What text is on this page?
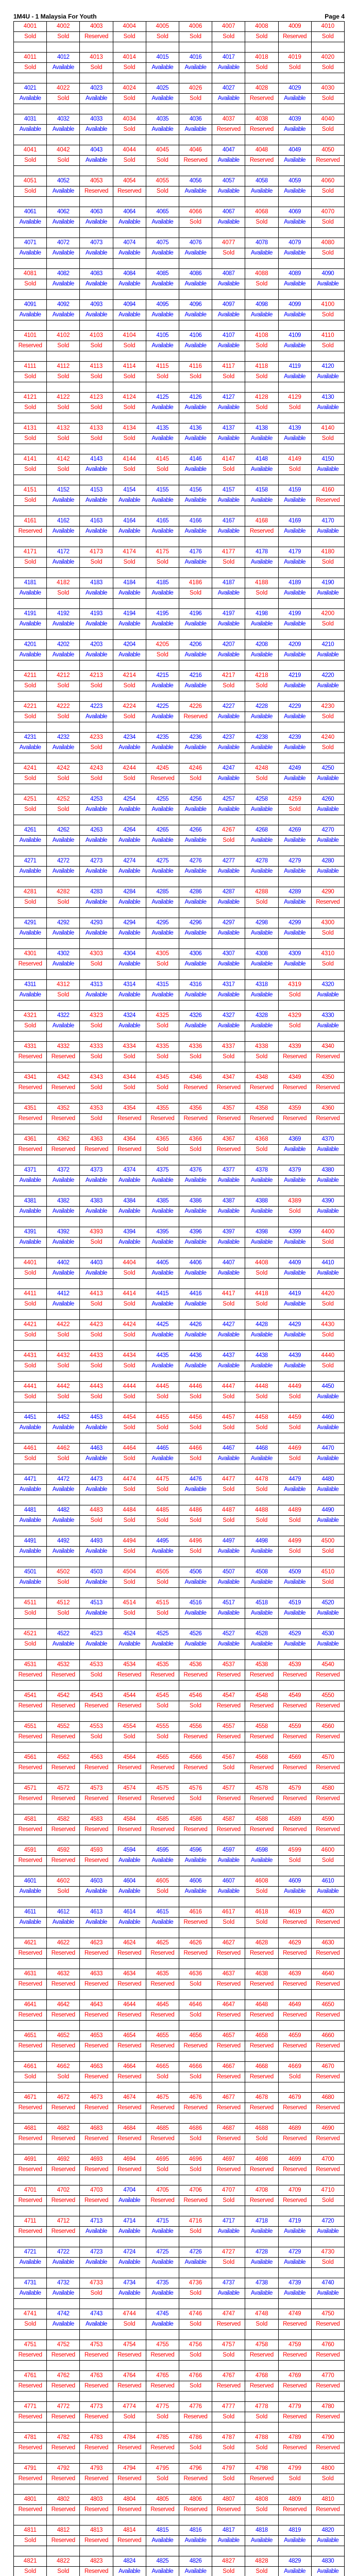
1M4U - 1 Malaysia For Youth	Page 4
4001	4002	4003	4004	4005	4006	4007	4008	4009	4010
Sold	Sold	Reserved	Sold	Sold	Sold	Sold	Sold	Reserved	Sold

4011	4012	4013	4014	4015	4016	4017	4018	4019	4020
Sold	Available	Sold	Sold	Available	Available	Available	Sold	Sold	Sold

4021	4022	4023	4024	4025	4026	4027	4028	4029	4030
Available	Sold	Available	Sold	Available	Sold	Available	Reserved	Available	Sold

4031	4032	4033	4034	4035	4036	4037	4038	4039	4040
Available	Available	Available	Sold	Available	Available	Reserved	Reserved	Available	Sold

4041	4042	4043	4044	4045	4046	4047	4048	4049	4050
Sold	Sold	Available	Sold	Sold	Reserved	Available	Reserved	Available	Reserved

4051	4052	4053	4054	4055	4056	4057	4058	4059	4060
Sold	Available	Reserved	Reserved	Sold	Available	Available	Available	Available	Sold

4061	4062	4063	4064	4065	4066	4067	4068	4069	4070
Available	Available	Available	Available	Available	Sold	Available	Sold	Available	Sold

4071	4072	4073	4074	4075	4076	4077	4078	4079	4080
Available	Available	Available	Available	Available	Available	Sold	Available	Available	Sold

4081	4082	4083	4084	4085	4086	4087	4088	4089	4090
Sold	Available	Available	Available	Available	Available	Available	Sold	Available	Available

4091	4092	4093	4094	4095	4096	4097	4098	4099	4100
Available	Available	Available	Available	Available	Available	Available	Available	Available	Sold

4101	4102	4103	4104	4105	4106	4107	4108	4109	4110
Reserved	Sold	Sold	Sold	Available	Available	Available	Sold	Available	Sold

4111	4112	4113	4114	4115	4116	4117	4118	4119	4120
Sold	Sold	Sold	Sold	Sold	Sold	Sold	Sold	Available	Available

4121	4122	4123	4124	4125	4126	4127	4128	4129	4130
Sold	Sold	Sold	Sold	Available	Available	Available	Sold	Sold	Available

4131	4132	4133	4134	4135	4136	4137	4138	4139	4140
Sold	Sold	Sold	Sold	Available	Available	Available	Available	Available	Sold

4141	4142	4143	4144	4145	4146	4147	4148	4149	4150
Sold	Sold	Available	Sold	Sold	Available	Sold	Available	Sold	Available

4151	4152	4153	4154	4155	4156	4157	4158	4159	4160
Sold	Available	Available	Available	Available	Available	Available	Available	Available	Reserved

4161	4162	4163	4164	4165	4166	4167	4168	4169	4170
Reserved	Available	Available	Available	Available	Available	Available	Reserved	Available	Available

4171	4172	4173	4174	4175	4176	4177	4178	4179	4180
Sold	Available	Sold	Sold	Sold	Available	Sold	Available	Available	Sold

4181	4182	4183	4184	4185	4186	4187	4188	4189	4190
Available	Sold	Available	Available	Available	Sold	Available	Sold	Available	Available

4191	4192	4193	4194	4195	4196	4197	4198	4199	4200
Available	Available	Available	Available	Available	Available	Available	Available	Available	Sold

4201	4202	4203	4204	4205	4206	4207	4208	4209	4210
Available	Available	Available	Available	Sold	Available	Available	Available	Available	Available

4211	4212	4213	4214	4215	4216	4217	4218	4219	4220
Sold	Sold	Sold	Sold	Available	Available	Sold	Sold	Available	Available

4221	4222	4223	4224	4225	4226	4227	4228	4229	4230
Sold	Sold	Available	Sold	Available	Reserved	Available	Available	Available	Sold

4231	4232	4233	4234	4235	4236	4237	4238	4239	4240
Available	Available	Sold	Available	Available	Available	Available	Available	Available	Sold

4241	4242	4243	4244	4245	4246	4247	4248	4249	4250
Sold	Sold	Sold	Sold	Reserved	Sold	Available	Sold	Available	Available

4251	4252	4253	4254	4255	4256	4257	4258	4259	4260
Sold	Sold	Available	Available	Available	Available	Available	Available	Sold	Available

4261	4262	4263	4264	4265	4266	4267	4268	4269	4270
Available	Available	Available	Available	Available	Available	Sold	Available	Available	Available

4271	4272	4273	4274	4275	4276	4277	4278	4279	4280
Available	Available	Available	Available	Available	Available	Available	Available	Available	Available

4281	4282	4283	4284	4285	4286	4287	4288	4289	4290
Sold	Sold	Available	Available	Available	Available	Available	Sold	Available	Reserved

4291	4292	4293	4294	4295	4296	4297	4298	4299	4300
Available	Available	Available	Available	Available	Available	Available	Available	Available	Sold

4301	4302	4303	4304	4305	4306	4307	4308	4309	4310
Reserved	Available	Sold	Available	Sold	Available	Available	Available	Available	Sold

4311	4312	4313	4314	4315	4316	4317	4318	4319	4320
Available	Sold	Available	Available	Available	Available	Available	Available	Sold	Available

4321	4322	4323	4324	4325	4326	4327	4328	4329	4330
Sold	Available	Sold	Available	Sold	Available	Available	Available	Sold	Available

4331	4332	4333	4334	4335	4336	4337	4338	4339	4340
Reserved	Reserved	Sold	Sold	Sold	Sold	Sold	Sold	Reserved	Reserved

4341	4342	4343	4344	4345	4346	4347	4348	4349	4350
Reserved	Reserved	Sold	Sold	Sold	Reserved	Reserved	Reserved	Reserved	Reserved

4351	4352	4353	4354	4355	4356	4357	4358	4359	4360
Reserved	Reserved	Sold	Reserved	Reserved	Reserved	Reserved	Reserved	Reserved	Reserved

4361	4362	4363	4364	4365	4366	4367	4368	4369	4370
Reserved	Reserved	Reserved	Reserved	Sold	Sold	Reserved	Sold	Available	Available

4371	4372	4373	4374	4375	4376	4377	4378	4379	4380
Available	Available	Available	Available	Available	Available	Available	Available	Available	Available

4381	4382	4383	4384	4385	4386	4387	4388	4389	4390
Available	Available	Available	Available	Available	Available	Available	Available	Sold	Available

4391	4392	4393	4394	4395	4396	4397	4398	4399	4400
Available	Available	Sold	Available	Available	Available	Available	Available	Available	Sold

4401	4402	4403	4404	4405	4406	4407	4408	4409	4410
Sold	Available	Available	Sold	Available	Available	Available	Sold	Available	Available

4411	4412	4413	4414	4415	4416	4417	4418	4419	4420
Sold	Available	Sold	Sold	Available	Available	Sold	Sold	Available	Sold

4421	4422	4423	4424	4425	4426	4427	4428	4429	4430
Sold	Sold	Sold	Sold	Available	Available	Available	Available	Available	Sold

4431	4432	4433	4434	4435	4436	4437	4438	4439	4440
Sold	Sold	Sold	Sold	Available	Available	Available	Available	Available	Sold

4441	4442	4443	4444	4445	4446	4447	4448	4449	4450
Sold	Sold	Sold	Sold	Sold	Sold	Sold	Sold	Sold	Available

4451	4452	4453	4454	4455	4456	4457	4458	4459	4460
Available	Available	Available	Sold	Sold	Sold	Sold	Sold	Sold	Available

4461	4462	4463	4464	4465	4466	4467	4468	4469	4470
Sold	Sold	Available	Sold	Available	Sold	Available	Available	Sold	Available

4471	4472	4473	4474	4475	4476	4477	4478	4479	4480
Available	Available	Available	Sold	Sold	Available	Sold	Sold	Available	Available

4481	4482	4483	4484	4485	4486	4487	4488	4489	4490
Available	Available	Sold	Sold	Sold	Sold	Sold	Sold	Sold	Available

4491	4492	4493	4494	4495	4496	4497	4498	4499	4500
Available	Available	Available	Sold	Available	Sold	Available	Available	Sold	Sold

4501	4502	4503	4504	4505	4506	4507	4508	4509	4510
Available	Sold	Available	Sold	Sold	Available	Available	Available	Available	Sold

4511	4512	4513	4514	4515	4516	4517	4518	4519	4520
Sold	Sold	Available	Sold	Sold	Available	Available	Available	Available	Available

4521	4522	4523	4524	4525	4526	4527	4528	4529	4530
Sold	Available	Available	Available	Available	Available	Available	Available	Available	Available

4531	4532	4533	4534	4535	4536	4537	4538	4539	4540
Reserved	Reserved	Sold	Reserved	Reserved	Reserved	Reserved	Reserved	Reserved	Reserved

4541	4542	4543	4544	4545	4546	4547	4548	4549	4550
Reserved	Reserved	Reserved	Reserved	Sold	Sold	Reserved	Reserved	Reserved	Reserved

4551	4552	4553	4554	4555	4556	4557	4558	4559	4560
Reserved	Reserved	Sold	Sold	Sold	Reserved	Reserved	Reserved	Reserved	Reserved

4561	4562	4563	4564	4565	4566	4567	4568	4569	4570
Reserved	Reserved	Reserved	Reserved	Reserved	Reserved	Sold	Reserved	Reserved	Reserved

4571	4572	4573	4574	4575	4576	4577	4578	4579	4580
Reserved	Reserved	Reserved	Reserved	Reserved	Sold	Reserved	Reserved	Reserved	Reserved

4581	4582	4583	4584	4585	4586	4587	4588	4589	4590
Reserved	Reserved	Reserved	Reserved	Reserved	Reserved	Reserved	Reserved	Reserved	Reserved

4591	4592	4593	4594	4595	4596	4597	4598	4599	4600
Reserved	Reserved	Reserved	Available	Available	Available	Available	Available	Sold	Sold

4601	4602	4603	4604	4605	4606	4607	4608	4609	4610
Available	Sold	Available	Available	Sold	Available	Available	Sold	Available	Available

4611	4612	4613	4614	4615	4616	4617	4618	4619	4620
Available	Available	Available	Available	Available	Reserved	Sold	Sold	Reserved	Reserved

4621	4622	4623	4624	4625	4626	4627	4628	4629	4630
Reserved	Reserved	Reserved	Reserved	Reserved	Reserved	Reserved	Reserved	Reserved	Reserved

4631	4632	4633	4634	4635	4636	4637	4638	4639	4640
Reserved	Reserved	Reserved	Reserved	Reserved	Sold	Reserved	Reserved	Reserved	Reserved

4641	4642	4643	4644	4645	4646	4647	4648	4649	4650
Reserved	Reserved	Reserved	Reserved	Reserved	Sold	Reserved	Reserved	Reserved	Reserved

4651	4652	4653	4654	4655	4656	4657	4658	4659	4660
Reserved	Reserved	Reserved	Reserved	Reserved	Reserved	Reserved	Reserved	Reserved	Reserved

4661	4662	4663	4664	4665	4666	4667	4668	4669	4670
Sold	Sold	Reserved	Reserved	Sold	Sold	Reserved	Reserved	Sold	Reserved

4671	4672	4673	4674	4675	4676	4677	4678	4679	4680
Reserved	Reserved	Reserved	Reserved	Reserved	Reserved	Reserved	Reserved	Reserved	Reserved

4681	4682	4683	4684	4685	4686	4687	4688	4689	4690
Reserved	Reserved	Reserved	Reserved	Reserved	Sold	Reserved	Sold	Reserved	Reserved

4691	4692	4693	4694	4695	4696	4697	4698	4699	4700
Reserved	Reserved	Reserved	Reserved	Sold	Sold	Reserved	Reserved	Reserved	Reserved

4701	4702	4703	4704	4705	4706	4707	4708	4709	4710
Reserved	Reserved	Reserved	Available	Reserved	Reserved	Sold	Reserved	Reserved	Sold

4711	4712	4713	4714	4715	4716	4717	4718	4719	4720
Reserved	Reserved	Available	Available	Available	Sold	Available	Available	Available	Available

4721	4722	4723	4724	4725	4726	4727	4728	4729	4730
Available	Available	Available	Available	Available	Available	Sold	Available	Available	Sold

4731	4732	4733	4734	4735	4736	4737	4738	4739	4740
Available	Available	Sold	Available	Available	Sold	Available	Available	Available	Available

4741	4742	4743	4744	4745	4746	4747	4748	4749	4750
Sold	Available	Available	Sold	Available	Sold	Reserved	Sold	Reserved	Reserved

4751	4752	4753	4754	4755	4756	4757	4758	4759	4760
Reserved	Reserved	Reserved	Reserved	Reserved	Sold	Sold	Reserved	Reserved	Reserved

4761	4762	4763	4764	4765	4766	4767	4768	4769	4770
Reserved	Reserved	Reserved	Reserved	Reserved	Sold	Reserved	Reserved	Reserved	Reserved

4771	4772	4773	4774	4775	4776	4777	4778	4779	4780
Reserved	Reserved	Reserved	Sold	Sold	Reserved	Sold	Sold	Reserved	Reserved

4781	4782	4783	4784	4785	4786	4787	4788	4789	4790
Reserved	Reserved	Reserved	Reserved	Reserved	Sold	Sold	Sold	Reserved	Reserved

4791	4792	4793	4794	4795	4796	4797	4798	4799	4800
Reserved	Reserved	Reserved	Reserved	Sold	Reserved	Sold	Reserved	Sold	Sold

4801	4802	4803	4804	4805	4806	4807	4808	4809	4810
Reserved	Reserved	Reserved	Reserved	Reserved	Reserved	Reserved	Sold	Reserved	Reserved

4811	4812	4813	4814	4815	4816	4817	4818	4819	4820
Sold	Reserved	Reserved	Reserved	Available	Available	Available	Available	Available	Available

4821	4822	4823	4824	4825	4826	4827	4828	4829	4830
Sold	Sold	Reserved	Available	Available	Available	Sold	Sold	Available	Available
